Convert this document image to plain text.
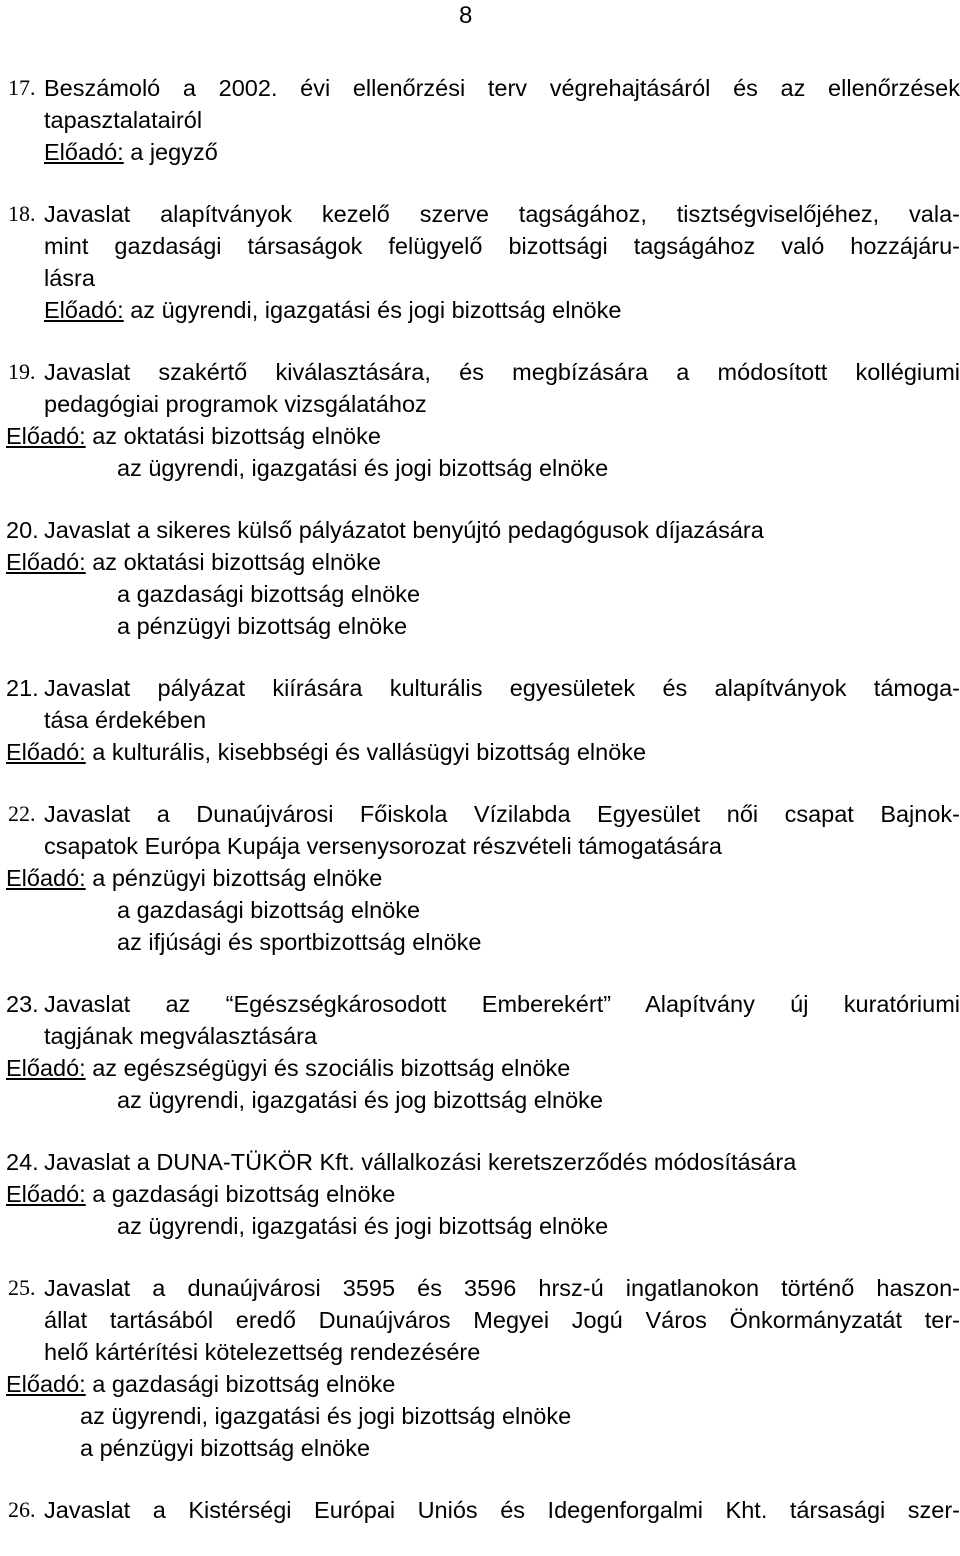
8
17. Beszámoló a 2002. évi ellenőrzési terv végrehajtásáról és az ellenőrzések
tapasztalatairól
Előadó: a jegyző
18. Javaslat alapítványok kezelő szerve tagságához, tisztségviselőjéhez, vala-
mint gazdasági társaságok felügyelő bizottsági tagságához való hozzájáru-
lásra
Előadó: az ügyrendi, igazgatási és jogi bizottság elnöke
19. Javaslat szakértő kiválasztására, és megbízására a módosított kollégiumi
pedagógiai programok vizsgálatához
Előadó: az oktatási bizottság elnöke
az ügyrendi, igazgatási és jogi bizottság elnöke
20. Javaslat a sikeres külső pályázatot benyújtó pedagógusok díjazására
Előadó: az oktatási bizottság elnöke
a gazdasági bizottság elnöke
a pénzügyi bizottság elnöke
21. Javaslat pályázat kiírására kulturális egyesületek és alapítványok támoga-
tása érdekében
Előadó: a kulturális, kisebbségi és vallásügyi bizottság elnöke
22. Javaslat a Dunaújvárosi Főiskola Vízilabda Egyesület női csapat Bajnok-
csapatok Európa Kupája versenysorozat részvételi támogatására
Előadó: a pénzügyi bizottság elnöke
a gazdasági bizottság elnöke
az ifjúsági és sportbizottság elnöke
23. Javaslat az “Egészségkárosodott Emberekért” Alapítvány új kuratóriumi
tagjának megválasztására
Előadó: az egészségügyi és szociális bizottság elnöke
az ügyrendi, igazgatási és jog bizottság elnöke
24. Javaslat a DUNA-TÜKÖR Kft. vállalkozási keretszerződés módosítására
Előadó: a gazdasági bizottság elnöke
az ügyrendi, igazgatási és jogi bizottság elnöke
25. Javaslat a dunaújvárosi 3595 és 3596 hrsz-ú ingatlanokon történő haszon-
állat tartásából eredő Dunaújváros Megyei Jogú Város Önkormányzatát ter-
helő kártérítési kötelezettség rendezésére
Előadó: a gazdasági bizottság elnöke
az ügyrendi, igazgatási és jogi bizottság elnöke
a pénzügyi bizottság elnöke
26. Javaslat a Kistérségi Európai Uniós és Idegenforgalmi Kht. társasági szer-
